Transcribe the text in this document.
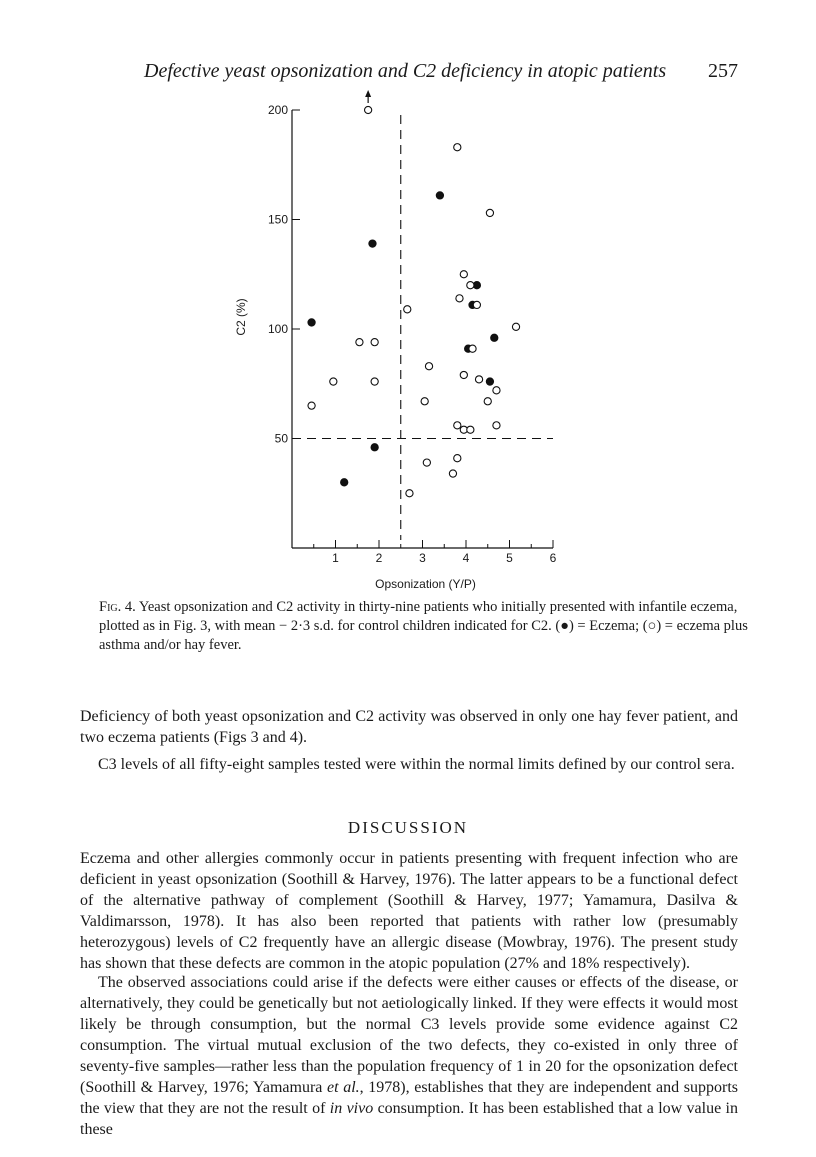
Defective yeast opsonization and C2 deficiency in atopic patients 257
1	2	3	4	5	6
50
100
150
200
Opsonization (Y/P)
C2 (%)
Fig. 4. Yeast opsonization and C2 activity in thirty-nine patients who initially presented with infantile eczema, plotted as in Fig. 3, with mean − 2·3 s.d. for control children indicated for C2. (●) = Eczema; (○) = eczema plus asthma and/or hay fever.

Deficiency of both yeast opsonization and C2 activity was observed in only one hay fever patient, and two eczema patients (Figs 3 and 4).

C3 levels of all fifty-eight samples tested were within the normal limits defined by our control sera.

DISCUSSION

Eczema and other allergies commonly occur in patients presenting with frequent infection who are deficient in yeast opsonization (Soothill & Harvey, 1976). The latter appears to be a functional defect of the alternative pathway of complement (Soothill & Harvey, 1977; Yamamura, Dasilva & Valdimarsson, 1978). It has also been reported that patients with rather low (presumably heterozygous) levels of C2 frequently have an allergic disease (Mowbray, 1976). The present study has shown that these defects are common in the atopic population (27% and 18% respectively).

The observed associations could arise if the defects were either causes or effects of the disease, or alternatively, they could be genetically but not aetiologically linked. If they were effects it would most likely be through consumption, but the normal C3 levels provide some evidence against C2 consumption. The virtual mutual exclusion of the two defects, they co-existed in only three of seventy-five samples—rather less than the population frequency of 1 in 20 for the opsonization defect (Soothill & Harvey, 1976; Yamamura et al., 1978), establishes that they are independent and supports the view that they are not the result of in vivo consumption. It has been established that a low value in these
